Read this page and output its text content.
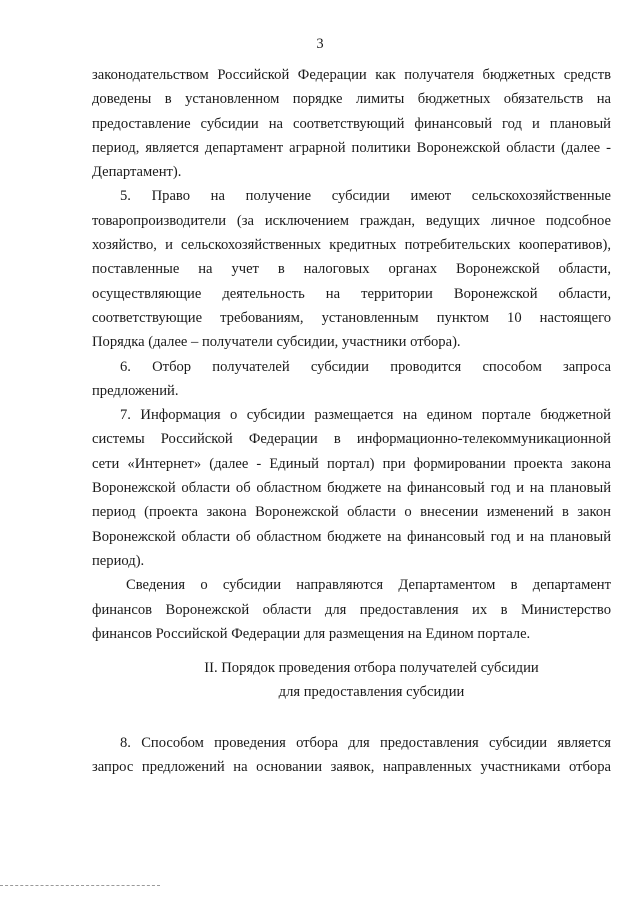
3
законодательством Российской Федерации как получателя бюджетных средств
доведены в установленном порядке лимиты бюджетных обязательств на
предоставление субсидии на соответствующий финансовый год и плановый
период, является департамент аграрной политики Воронежской области (далее -
Департамент).
5. Право на получение субсидии имеют сельскохозяйственные
товаропроизводители (за исключением граждан, ведущих личное подсобное
хозяйство, и сельскохозяйственных кредитных потребительских кооперативов),
поставленные на учет в налоговых органах Воронежской области,
осуществляющие деятельность на территории Воронежской области,
соответствующие требованиям, установленным пунктом 10 настоящего
Порядка (далее – получатели субсидии, участники отбора).
6. Отбор получателей субсидии проводится способом запроса
предложений.
7. Информация о субсидии размещается на едином портале бюджетной
системы Российской Федерации в информационно-телекоммуникационной
сети «Интернет» (далее - Единый портал) при формировании проекта закона
Воронежской области об областном бюджете на финансовый год и на плановый
период (проекта закона Воронежской области о внесении изменений в закон
Воронежской области об областном бюджете на финансовый год и на плановый
период).
Сведения о субсидии направляются Департаментом в департамент
финансов Воронежской области для предоставления их в Министерство
финансов Российской Федерации для размещения на Едином портале.
II. Порядок проведения отбора получателей субсидии
для предоставления субсидии
8. Способом проведения отбора для предоставления субсидии является
запрос предложений на основании заявок, направленных участниками отбора
